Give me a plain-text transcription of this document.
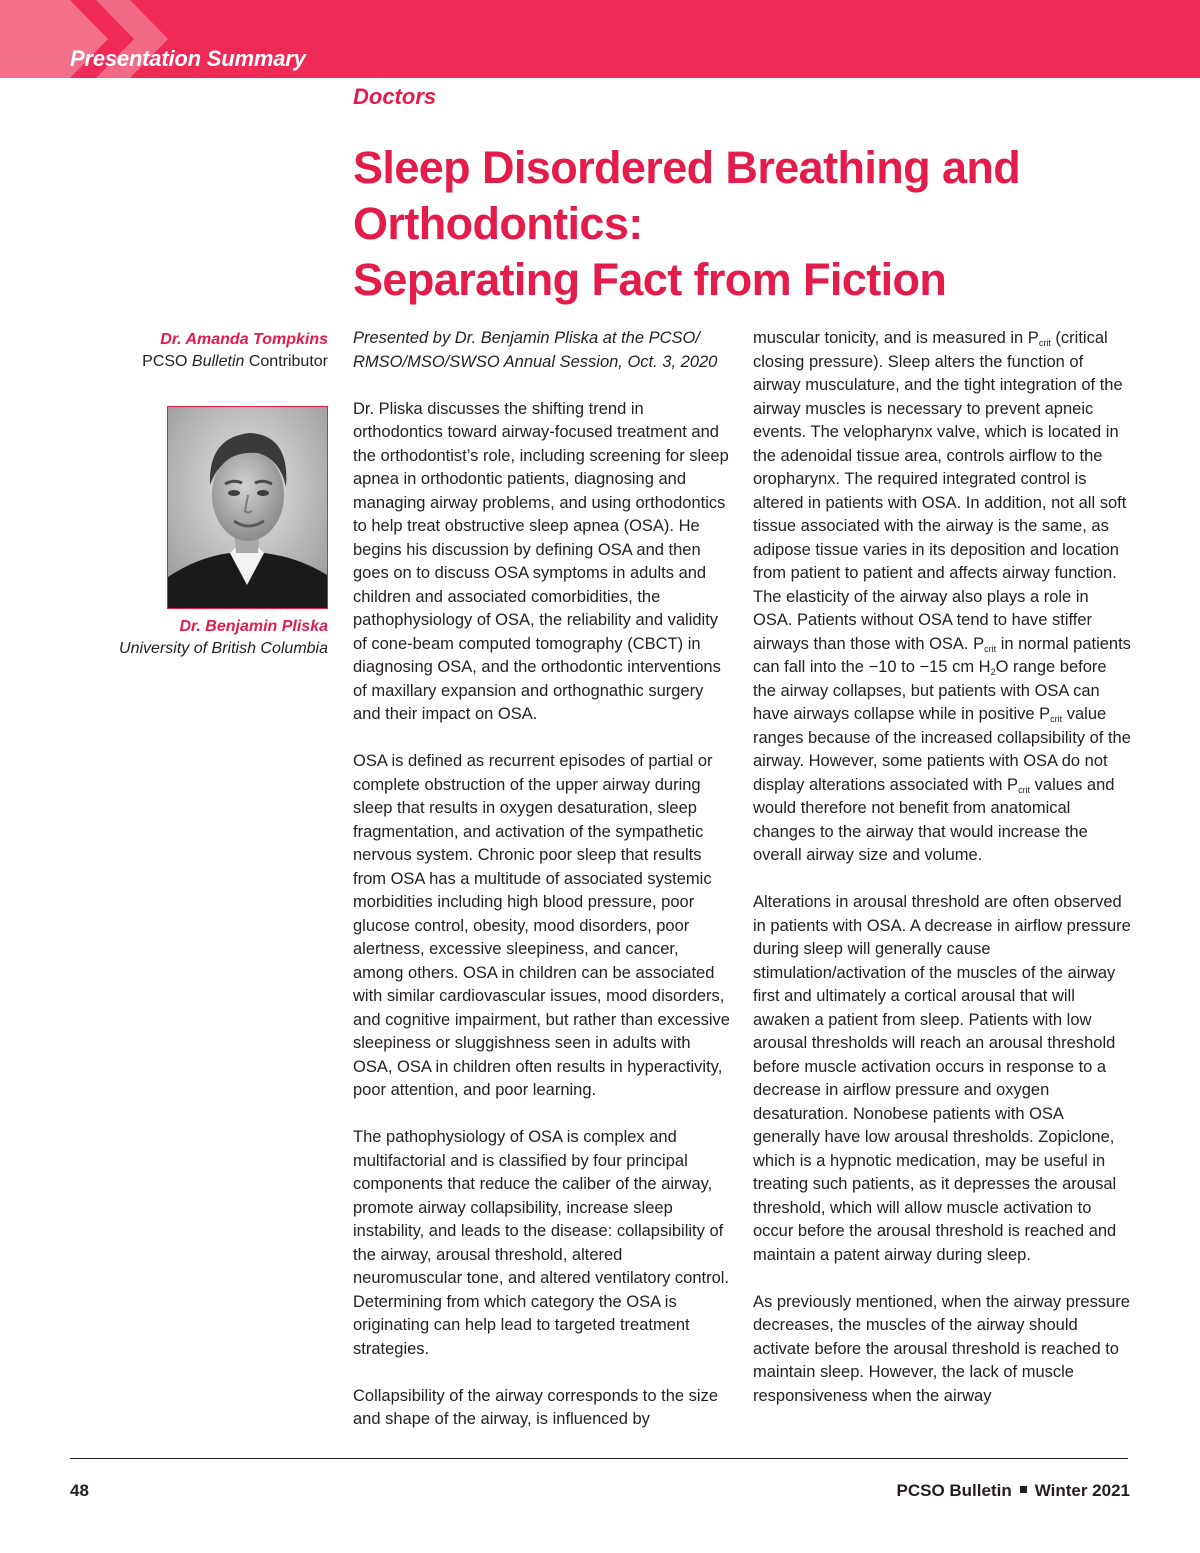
Presentation Summary
Doctors
Sleep Disordered Breathing and
Orthodontics:
Separating Fact from Fiction
Dr. Amanda Tompkins
PCSO Bulletin Contributor
Dr. Benjamin Pliska
University of British Columbia

Presented by Dr. Benjamin Pliska at the PCSO/ RMSO/MSO/SWSO Annual Session, Oct. 3, 2020

Dr. Pliska discusses the shifting trend in orthodontics toward airway-focused treatment and the orthodontist’s role, including screening for sleep apnea in orthodontic patients, diagnosing and managing airway problems, and using orthodontics to help treat obstructive sleep apnea (OSA). He begins his discussion by defining OSA and then goes on to discuss OSA symptoms in adults and children and associated comorbidities, the pathophysiology of OSA, the reliability and validity of cone-beam computed tomography (CBCT) in diagnosing OSA, and the orthodontic interventions of maxillary expansion and orthognathic surgery and their impact on OSA.

OSA is defined as recurrent episodes of partial or complete obstruction of the upper airway during sleep that results in oxygen desaturation, sleep fragmentation, and activation of the sympathetic nervous system. Chronic poor sleep that results from OSA has a multitude of associated systemic morbidities including high blood pressure, poor glucose control, obesity, mood disorders, poor alertness, excessive sleepiness, and cancer, among others. OSA in children can be associated with similar cardiovascular issues, mood disorders, and cognitive impairment, but rather than excessive sleepiness or sluggishness seen in adults with OSA, OSA in children often results in hyperactivity, poor attention, and poor learning.

The pathophysiology of OSA is complex and multifactorial and is classified by four principal components that reduce the caliber of the airway, promote airway collapsibility, increase sleep instability, and leads to the disease: collapsibility of the airway, arousal threshold, altered neuromuscular tone, and altered ventilatory control. Determining from which category the OSA is originating can help lead to targeted treatment strategies.

Collapsibility of the airway corresponds to the size and shape of the airway, is influenced by

muscular tonicity, and is measured in $P_{crit}$ (critical closing pressure). Sleep alters the function of airway musculature, and the tight integration of the airway muscles is necessary to prevent apneic events. The velopharynx valve, which is located in the adenoidal tissue area, controls airflow to the oropharynx. The required integrated control is altered in patients with OSA. In addition, not all soft tissue associated with the airway is the same, as adipose tissue varies in its deposition and location from patient to patient and affects airway function. The elasticity of the airway also plays a role in OSA. Patients without OSA tend to have stiffer airways than those with OSA. $P_{crit}$ in normal patients can fall into the −10 to −15 cm $H_2O$ range before the airway collapses, but patients with OSA can have airways collapse while in positive $P_{crit}$ value ranges because of the increased collapsibility of the airway. However, some patients with OSA do not display alterations associated with $P_{crit}$ values and would therefore not benefit from anatomical changes to the airway that would increase the overall airway size and volume.

Alterations in arousal threshold are often observed in patients with OSA. A decrease in airflow pressure during sleep will generally cause stimulation/activation of the muscles of the airway first and ultimately a cortical arousal that will awaken a patient from sleep. Patients with low arousal thresholds will reach an arousal threshold before muscle activation occurs in response to a decrease in airflow pressure and oxygen desaturation. Nonobese patients with OSA generally have low arousal thresholds. Zopiclone, which is a hypnotic medication, may be useful in treating such patients, as it depresses the arousal threshold, which will allow muscle activation to occur before the arousal threshold is reached and maintain a patent airway during sleep.

As previously mentioned, when the airway pressure decreases, the muscles of the airway should activate before the arousal threshold is reached to maintain sleep. However, the lack of muscle responsiveness when the airway

48	PCSO Bulletin Winter 2021
